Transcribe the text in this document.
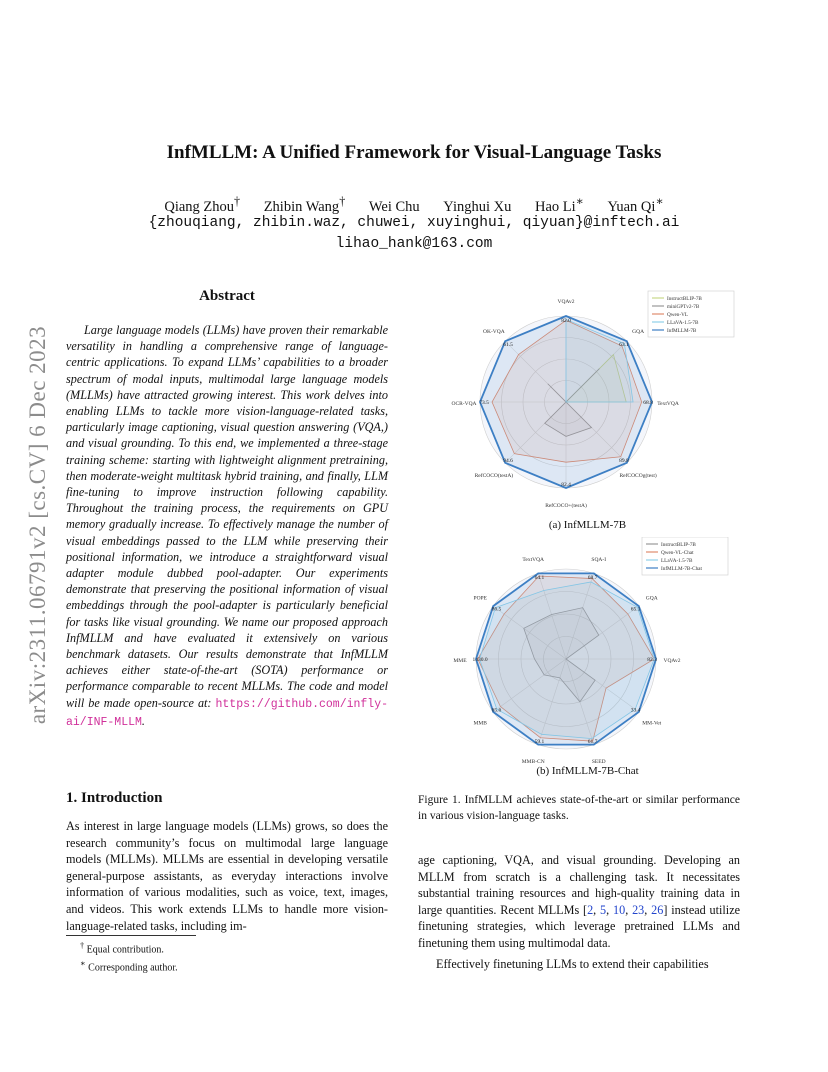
arXiv:2311.06791v2 [cs.CV] 6 Dec 2023
InfMLLM: A Unified Framework for Visual-Language Tasks
Qiang Zhou† Zhibin Wang† Wei Chu Yinghui Xu Hao Li∗ Yuan Qi∗
{zhouqiang, zhibin.waz, chuwei, xuyinghui, qiyuan}@inftech.ai
lihao_hank@163.com
Abstract
Large language models (LLMs) have proven their remarkable versatility in handling a comprehensive range of language-centric applications. To expand LLMs’ capabilities to a broader spectrum of modal inputs, multimodal large language models (MLLMs) have attracted growing interest. This work delves into enabling LLMs to tackle more vision-language-related tasks, particularly image captioning, visual question answering (VQA,) and visual grounding. To this end, we implemented a three-stage training scheme: starting with lightweight alignment pretraining, then moderate-weight multitask hybrid training, and finally, LLM fine-tuning to improve instruction following capability. Throughout the training process, the requirements on GPU memory gradually increase. To effectively manage the number of visual embeddings passed to the LLM while preserving their positional information, we introduce a straightforward visual adapter module dubbed pool-adapter. Our experiments demonstrate that preserving the positional information of visual embeddings through the pool-adapter is particularly beneficial for tasks like visual grounding. We name our proposed approach InfMLLM and have evaluated it extensively on various benchmark datasets. Our results demonstrate that InfMLLM achieves either state-of-the-art (SOTA) performance or performance comparable to recent MLLMs. The code and model will be made open-source at: https://github.com/infly-ai/INF-MLLM.
1. Introduction
As interest in large language models (LLMs) grows, so does the research community’s focus on multimodal large language models (MLLMs). MLLMs are essential in developing versatile general-purpose assistants, as everyday interactions involve information of various modalities, such as voice, text, images, and videos. This work extends LLMs to handle more vision-language-related tasks, including im-
† Equal contribution.
∗ Corresponding author.
VQAv2
82.0
GQA
63.1
TextVQA
68.8
RefCOCOg(test)
89.8
RefCOCO+(testA)
82.4
RefCOCO(testA)
94.6
OCR-VQA 73.5
OK-VQA
61.5
InstructBLIP-7B
miniGPTv2-7B
Qwen-VL
LLaVA-1.5-7B
InfMLLM-7B
SQA-I
68.7
GQA
65.1
VQAv2
82.3
MM-Vet
33.4
SEED
61.7
MMB-CN
59.1
MMB
65.6
MME 1430.0
POPE
86.5
TextVQA
64.1
InstructBLIP-7B
Qwen-VL-Chat
LLaVA-1.5-7B
InfMLLM-7B-Chat
(a) InfMLLM-7B
(b) InfMLLM-7B-Chat
Figure 1. InfMLLM achieves state-of-the-art or similar performance in various vision-language tasks.
age captioning, VQA, and visual grounding. Developing an MLLM from scratch is a challenging task. It necessitates substantial training resources and high-quality training data in large quantities. Recent MLLMs [2, 5, 10, 23, 26] instead utilize finetuning strategies, which leverage pretrained LLMs and finetuning them using multimodal data.
Effectively finetuning LLMs to extend their capabilities
